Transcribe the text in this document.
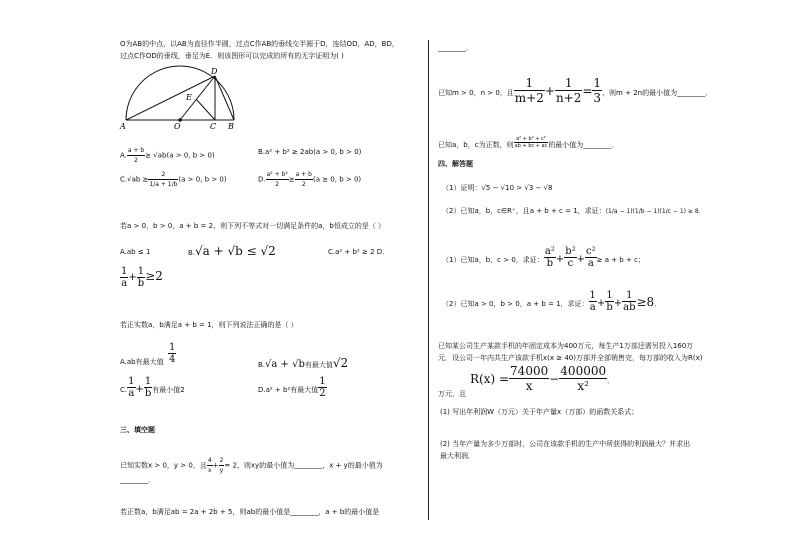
O为AB的中点，以AB为直径作半圆，过点C作AB的垂线交半圆于D，连结OD，AD，BD，
过点C作OD的垂线，垂足为E．则该图形可以完成的所有的无字证明为( )
A	O	C B
D
E
A. $\frac{a + b}{2} \ge √ab(a > 0$, b > 0)	B.a² + b² ≥ 2ab(a > 0, b > 0)
$C.√ab \ge \frac{2}{1/a + 1/b} (a > 0$, b > 0)	D. $\frac{\text{a² + b²}}{2} \ge \frac{a + b}{2} (a \ge 0$, b > 0)
若a > 0，b > 0，a + b = 2，则下列不等式对一切满足条件的a，b恒成立的是（ ）
A.ab ≤ 1	B.√a + √b ≤ √2	C.a² + b² ≥ 2 D.
$\frac{1}{a} + \frac{1}{b} \ge 2$
若正实数a，b满足a + b = 1，则下列说法正确的是（ ）
A.ab有最大值 $\frac{1}{4}$	B.√a + √b有最大值√2
C. $\frac{1}{a} + \frac{1}{b}$ 有最小值2	D.a² + b²有最大值 $\frac{1}{2}$
三、填空题
已知实数x > 0，y > 0，且 $\frac{4}{x} + \frac{2}{y} = 2$，则xy的最小值为________，x + y的最小值为
________．
若正数a，b满足ab = 2a + 2b + 5，则ab的最小值是________，a + b的最小值是
________．
已知m > 0，n > 0，且 $\frac{1}{m+2} + \frac{1}{n+2} = \frac{1}{3}$ ，则m + 2n的最小值为________．
已知a，b，c为正数，则 $\frac{\text{a² + b² + c²}}{ab + bc + ac}$ 的最小值为________．
四、解答题
（1）证明：√5 − √10 > √3 − √8
（2）已知a，b，c∈R⁺，且a + b + c = 1，求证：(1/a − 1)(1/b − 1)(1/c − 1) ≥ 8．
（1）已知a，b，c > 0，求证： $\frac{\text{a²}}{b} + \frac{\text{b²}}{c} + \frac{\text{c²}}{a} \ge a + b + c$；
（2）已知a > 0，b > 0，a + b = 1，求证： $\frac{1}{a} + \frac{1}{b} + \frac{1}{ab} \ge 8$．
已知某公司生产某款手机的年固定成本为400万元，每生产1万部还需另投入160万
元．设公司一年内共生产该款手机x(x ≥ 40)万部并全部销售完，每万部的收入为R(x)
$R(x) = \frac{74000}{x} - \frac{400000}{\text{x²}}$ ．
万元，且
(1) 写出年利润W（万元）关于年产量x（万部）的函数关系式；
(2) 当年产量为多少万部时，公司在该款手机的生产中所获得的利润最大？并求出
最大利润．
